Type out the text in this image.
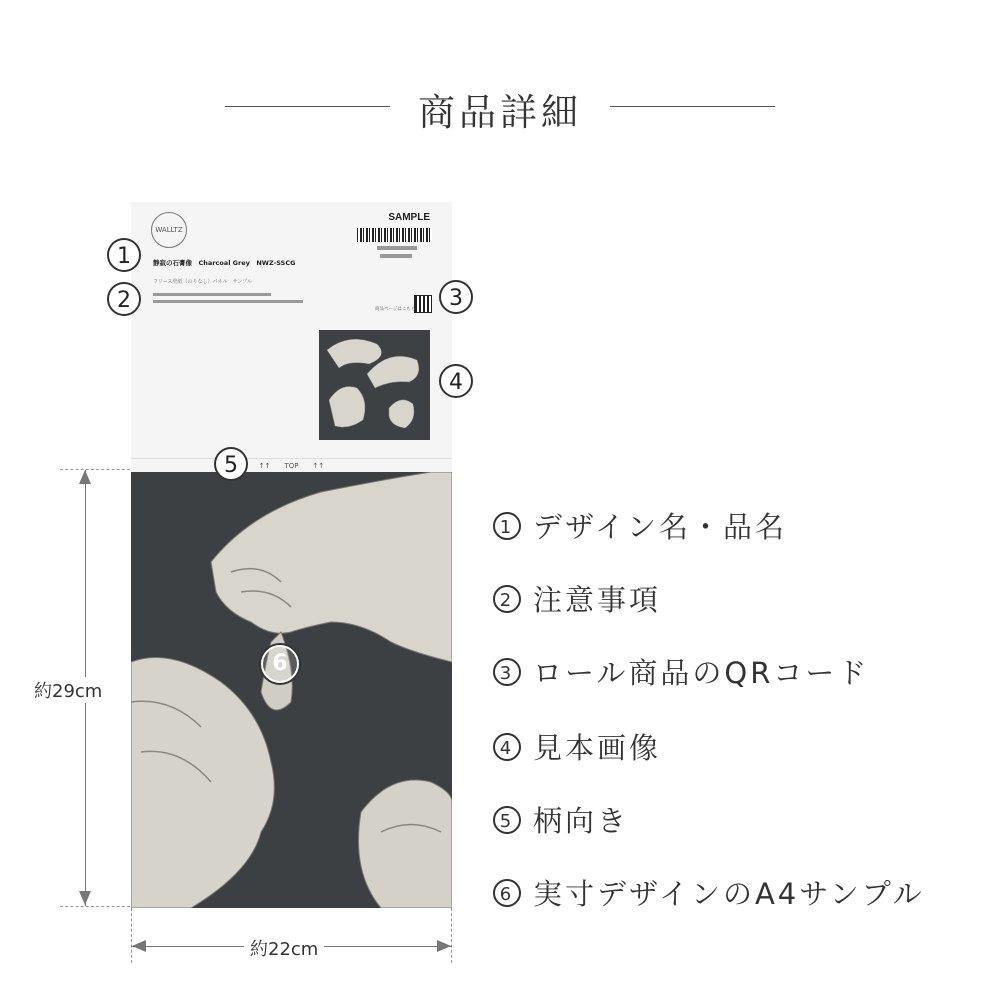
商品詳細
約29cm
約22cm
WALLTZ
SAMPLE
静寂の石膏像　Charcoal Grey　NWZ-SSCG
フリース壁紙（のりなし）パネル　サンプル
商品ページはこちら
↑↑　　TOP　　↑↑
1
2	3
4
5
6
1 デザイン名・品名
2 注意事項
3 ロール商品のQRコード
4 見本画像
5 柄向き
6 実寸デザインのA4サンプル
